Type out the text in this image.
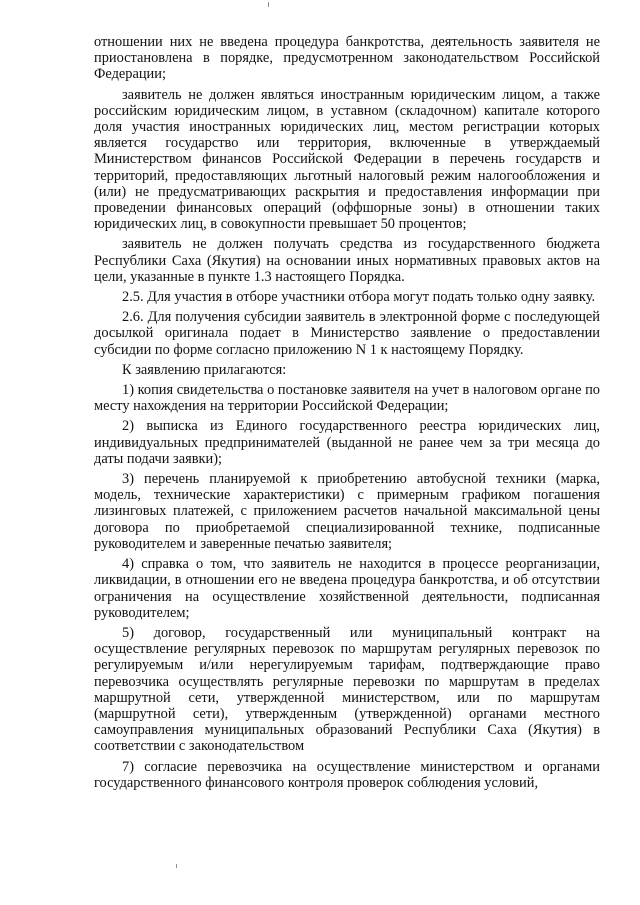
отношении них не введена процедура банкротства, деятельность заявителя не приостановлена в порядке, предусмотренном законодательством Российской Федерации;

заявитель не должен являться иностранным юридическим лицом, а также российским юридическим лицом, в уставном (складочном) капитале которого доля участия иностранных юридических лиц, местом регистрации которых является государство или территория, включенные в утверждаемый Министерством финансов Российской Федерации в перечень государств и территорий, предоставляющих льготный налоговый режим налогообложения и (или) не предусматривающих раскрытия и предоставления информации при проведении финансовых операций (оффшорные зоны) в отношении таких юридических лиц, в совокупности превышает 50 процентов;

заявитель не должен получать средства из государственного бюджета Республики Саха (Якутия) на основании иных нормативных правовых актов на цели, указанные в пункте 1.3 настоящего Порядка.

2.5. Для участия в отборе участники отбора могут подать только одну заявку.

2.6. Для получения субсидии заявитель в электронной форме с последующей досылкой оригинала подает в Министерство заявление о предоставлении субсидии по форме согласно приложению N 1 к настоящему Порядку.

К заявлению прилагаются:

1) копия свидетельства о постановке заявителя на учет в налоговом органе по месту нахождения на территории Российской Федерации;

2) выписка из Единого государственного реестра юридических лиц, индивидуальных предпринимателей (выданной не ранее чем за три месяца до даты подачи заявки);

3) перечень планируемой к приобретению автобусной техники (марка, модель, технические характеристики) с примерным графиком погашения лизинговых платежей, с приложением расчетов начальной максимальной цены договора по приобретаемой специализированной технике, подписанные руководителем и заверенные печатью заявителя;

4) справка о том, что заявитель не находится в процессе реорганизации, ликвидации, в отношении его не введена процедура банкротства, и об отсутствии ограничения на осуществление хозяйственной деятельности, подписанная руководителем;

5) договор, государственный или муниципальный контракт на осуществление регулярных перевозок по маршрутам регулярных перевозок по регулируемым и/или нерегулируемым тарифам, подтверждающие право перевозчика осуществлять регулярные перевозки по маршрутам в пределах маршрутной сети, утвержденной министерством, или по маршрутам (маршрутной сети), утвержденным (утвержденной) органами местного самоуправления муниципальных образований Республики Саха (Якутия) в соответствии с законодательством

7) согласие перевозчика на осуществление министерством и органами государственного финансового контроля проверок соблюдения условий,
